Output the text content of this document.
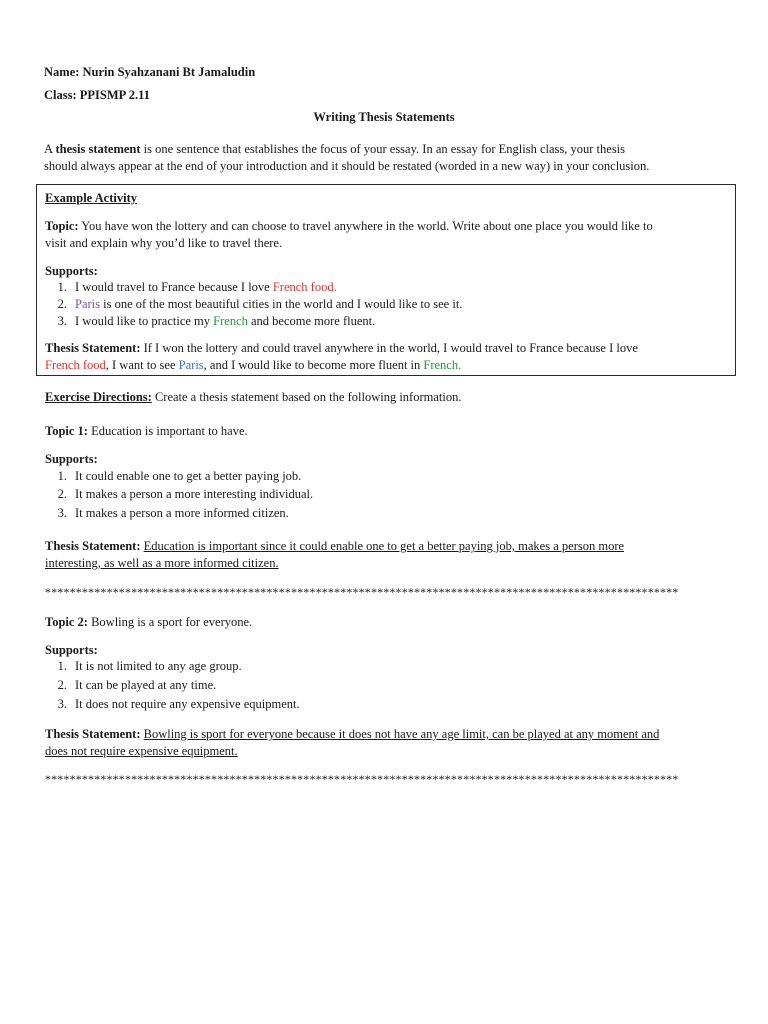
Name: Nurin Syahzanani Bt Jamaludin
Class: PPISMP 2.11
Writing Thesis Statements
A thesis statement is one sentence that establishes the focus of your essay. In an essay for English class, your thesis
should always appear at the end of your introduction and it should be restated (worded in a new way) in your conclusion.
Example Activity
Topic: You have won the lottery and can choose to travel anywhere in the world. Write about one place you would like to
visit and explain why you’d like to travel there.
Supports:
1. I would travel to France because I love French food.
2. Paris is one of the most beautiful cities in the world and I would like to see it.
3. I would like to practice my French and become more fluent.
Thesis Statement: If I won the lottery and could travel anywhere in the world, I would travel to France because I love
French food, I want to see Paris, and I would like to become more fluent in French.
Exercise Directions: Create a thesis statement based on the following information.
Topic 1: Education is important to have.
Supports:
1. It could enable one to get a better paying job.
2. It makes a person a more interesting individual.
3. It makes a person a more informed citizen.
Thesis Statement: Education is important since it could enable one to get a better paying job, makes a person more
interesting, as well as a more informed citizen.
*******************************************************************************************************
Topic 2: Bowling is a sport for everyone.
Supports:
1. It is not limited to any age group.
2. It can be played at any time.
3. It does not require any expensive equipment.
Thesis Statement: Bowling is sport for everyone because it does not have any age limit, can be played at any moment and
does not require expensive equipment.
*******************************************************************************************************
